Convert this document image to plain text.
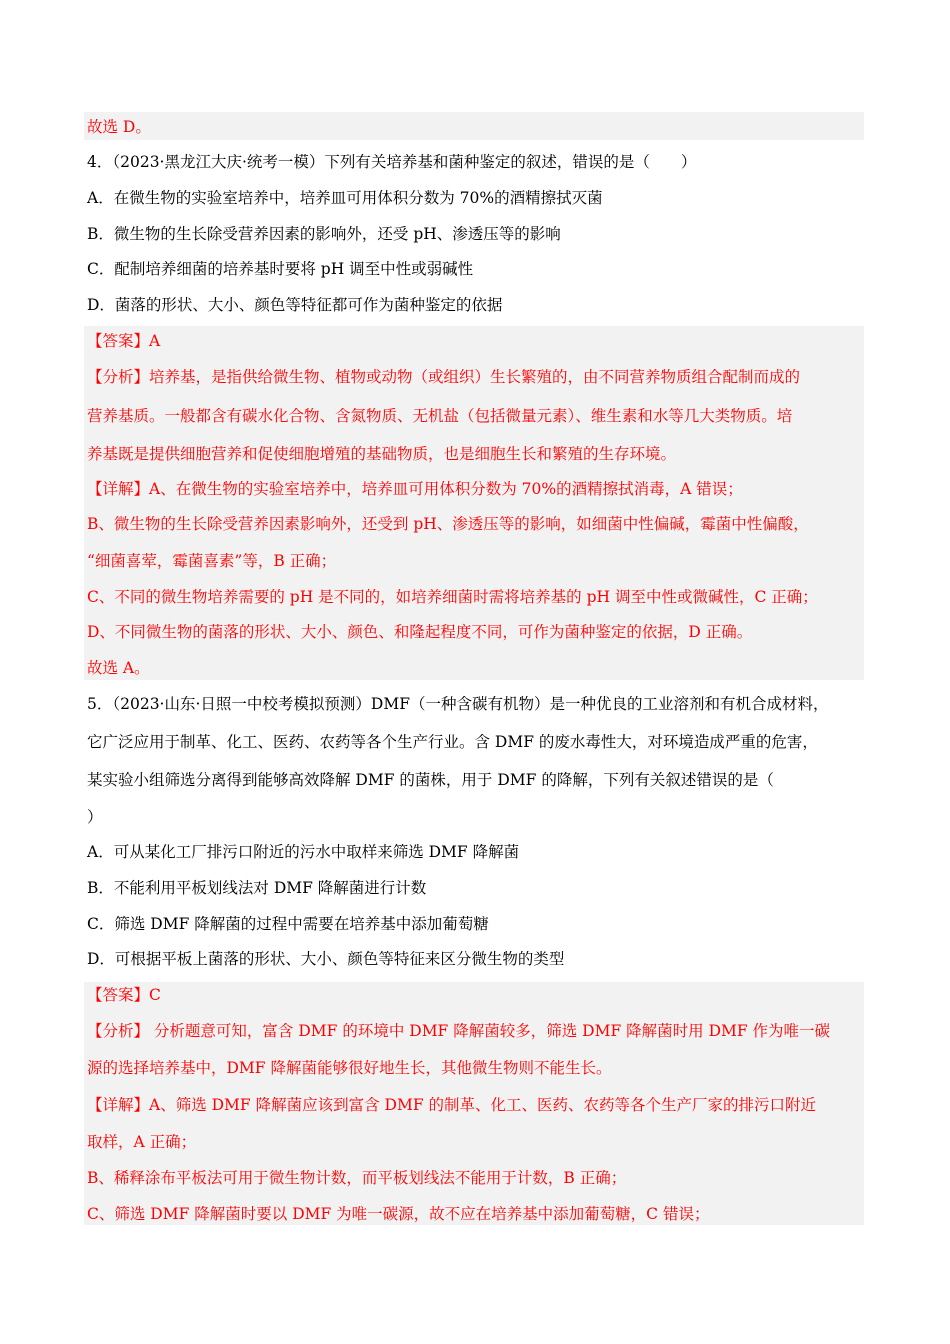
故选 D。
4．（2023·黑龙江大庆·统考一模）下列有关培养基和菌种鉴定的叙述，错误的是（　　）
A．在微生物的实验室培养中，培养皿可用体积分数为 70%的酒精擦拭灭菌
B．微生物的生长除受营养因素的影响外，还受 pH、渗透压等的影响
C．配制培养细菌的培养基时要将 pH 调至中性或弱碱性
D．菌落的形状、大小、颜色等特征都可作为菌种鉴定的依据
【答案】A
【分析】培养基，是指供给微生物、植物或动物（或组织）生长繁殖的，由不同营养物质组合配制而成的
营养基质。一般都含有碳水化合物、含氮物质、无机盐（包括微量元素）、维生素和水等几大类物质。培
养基既是提供细胞营养和促使细胞增殖的基础物质，也是细胞生长和繁殖的生存环境。
【详解】A、在微生物的实验室培养中，培养皿可用体积分数为 70%的酒精擦拭消毒，A 错误；
B、微生物的生长除受营养因素影响外，还受到 pH、渗透压等的影响，如细菌中性偏碱，霉菌中性偏酸，
“细菌喜荤，霉菌喜素”等，B 正确；
C、不同的微生物培养需要的 pH 是不同的，如培养细菌时需将培养基的 pH 调至中性或微碱性，C 正确；
D、不同微生物的菌落的形状、大小、颜色、和隆起程度不同，可作为菌种鉴定的依据，D 正确。
故选 A。
5．（2023·山东·日照一中校考模拟预测）DMF（一种含碳有机物）是一种优良的工业溶剂和有机合成材料，
它广泛应用于制革、化工、医药、农药等各个生产行业。含 DMF 的废水毒性大，对环境造成严重的危害，
某实验小组筛选分离得到能够高效降解 DMF 的菌株，用于 DMF 的降解，下列有关叙述错误的是（
）
A．可从某化工厂排污口附近的污水中取样来筛选 DMF 降解菌
B．不能利用平板划线法对 DMF 降解菌进行计数
C．筛选 DMF 降解菌的过程中需要在培养基中添加葡萄糖
D．可根据平板上菌落的形状、大小、颜色等特征来区分微生物的类型
【答案】C
【分析】 分析题意可知，富含 DMF 的环境中 DMF 降解菌较多，筛选 DMF 降解菌时用 DMF 作为唯一碳
源的选择培养基中，DMF 降解菌能够很好地生长，其他微生物则不能生长。
【详解】A、筛选 DMF 降解菌应该到富含 DMF 的制革、化工、医药、农药等各个生产厂家的排污口附近
取样，A 正确；
B、稀释涂布平板法可用于微生物计数，而平板划线法不能用于计数，B 正确；
C、筛选 DMF 降解菌时要以 DMF 为唯一碳源，故不应在培养基中添加葡萄糖，C 错误；
